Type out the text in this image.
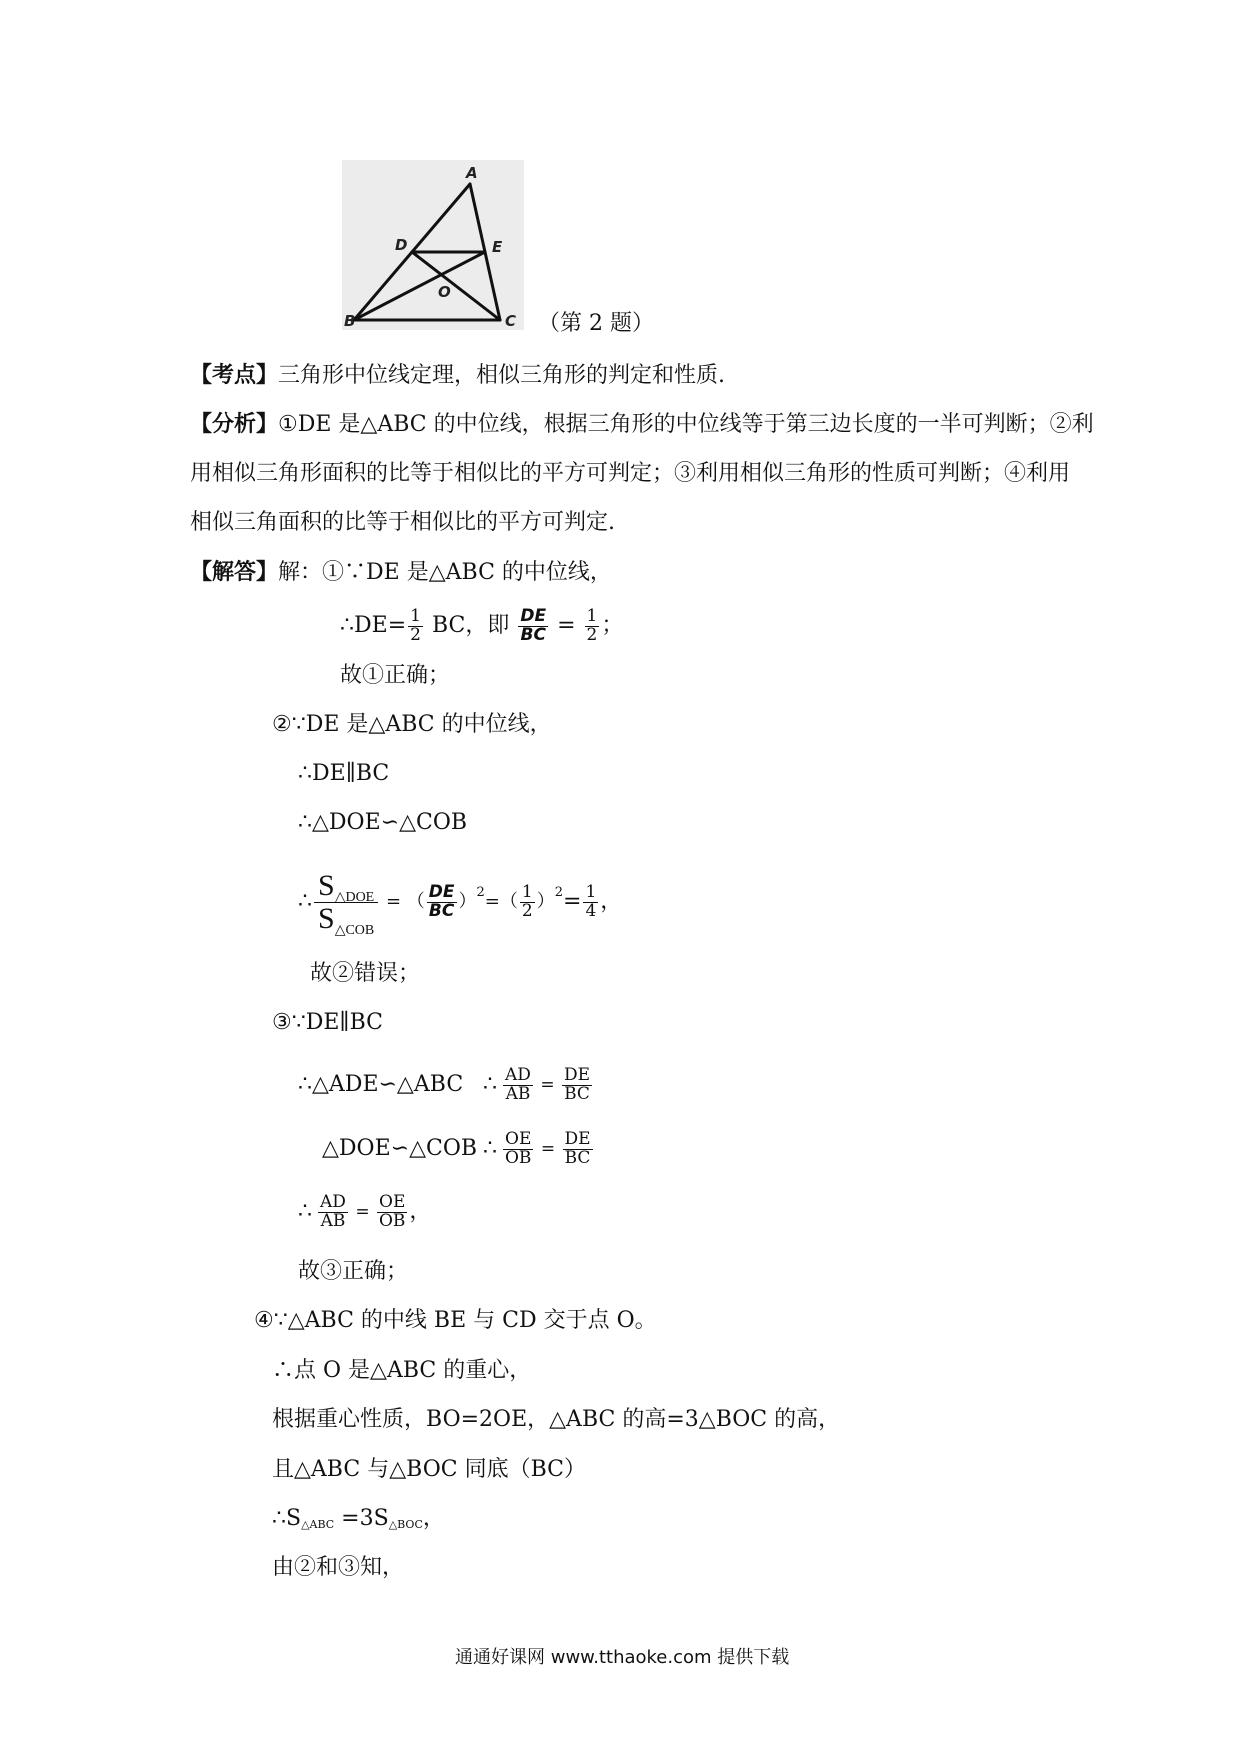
A
B	C
D	E
O
（第 2 题）
【考点】三角形中位线定理，相似三角形的判定和性质.
【分析】①DE 是△ABC 的中位线，根据三角形的中位线等于第三边长度的一半可判断；②利
用相似三角形面积的比等于相似比的平方可判定；③利用相似三角形的性质可判断；④利用
相似三角面积的比等于相似比的平方可判定.
【解答】解：①∵DE 是△ABC 的中位线，
∴DE= $\frac{1}{2}$ BC，即 $\frac{DE}{BC} = \frac{1}{2}$ ；
故①正确；
②∵DE 是△ABC 的中位线，
∴DE∥BC
∴△DOE∽△COB
∴ $\frac{S_{\triangle DOE}}{S_{\triangle COB}}$ = （ $\frac{DE}{BC}$ ） 2 =（ $\frac{1}{2}$ ） $2 = \frac{1}{4}$ ，
故②错误；
③∵DE∥BC
∴△ADE∽△ABC ∴ $\frac{AD}{AB} = \frac{DE}{BC}$
△DOE∽△COB ∴ $\frac{OE}{OB} = \frac{DE}{BC}$
∴ $\frac{AD}{AB} = \frac{OE}{OB}$ ，
故③正确；
④∵△ABC 的中线 BE 与 CD 交于点 O。
∴点 O 是△ABC 的重心，
根据重心性质，BO=2OE，△ABC 的高=3△BOC 的高，
且△ABC 与△BOC 同底（BC）
∴S△ABC =3S△BOC，
由②和③知，
通通好课网 www.tthaoke.com 提供下载
